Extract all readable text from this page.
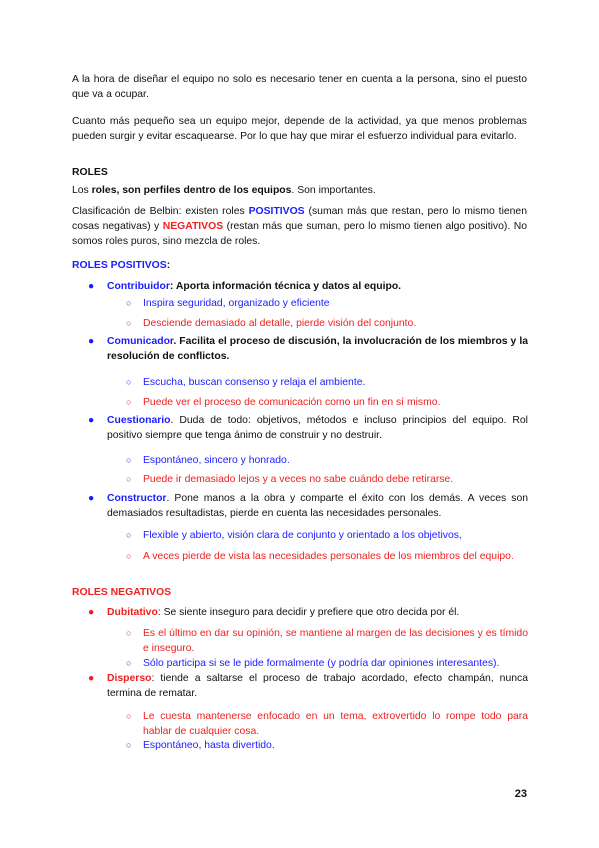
A la hora de diseñar el equipo no solo es necesario tener en cuenta a la persona, sino el puesto que va a ocupar.

Cuanto más pequeño sea un equipo mejor, depende de la actividad, ya que menos problemas pueden surgir y evitar escaquearse. Por lo que hay que mirar el esfuerzo individual para evitarlo.

ROLES

Los roles, son perfiles dentro de los equipos. Son importantes.

Clasificación de Belbin: existen roles POSITIVOS (suman más que restan, pero lo mismo tienen cosas negativas) y NEGATIVOS (restan más que suman, pero lo mismo tienen algo positivo). No somos roles puros, sino mezcla de roles.

ROLES POSITIVOS:

● Contribuidor: Aporta información técnica y datos al equipo.
○ Inspira seguridad, organizado y eficiente
○ Desciende demasiado al detalle, pierde visión del conjunto.
● Comunicador. Facilita el proceso de discusión, la involucración de los miembros y la resolución de conflictos.
○ Escucha, buscan consenso y relaja el ambiente.
○ Puede ver el proceso de comunicación como un fin en sí mismo.
● Cuestionario. Duda de todo: objetivos, métodos e incluso principios del equipo. Rol positivo siempre que tenga ánimo de construir y no destruir.
○ Espontáneo, sincero y honrado.
○ Puede ir demasiado lejos y a veces no sabe cuándo debe retirarse.
● Constructor. Pone manos a la obra y comparte el éxito con los demás. A veces son demasiados resultadistas, pierde en cuenta las necesidades personales.
○ Flexible y abierto, visión clara de conjunto y orientado a los objetivos,
○ A veces pierde de vista las necesidades personales de los miembros del equipo.

ROLES NEGATIVOS

● Dubitativo: Se siente inseguro para decidir y prefiere que otro decida por él.
○ Es el último en dar su opinión, se mantiene al margen de las decisiones y es tímido e inseguro.
○ Sólo participa si se le pide formalmente (y podría dar opiniones interesantes).
● Disperso: tiende a saltarse el proceso de trabajo acordado, efecto champán, nunca termina de rematar.
○ Le cuesta mantenerse enfocado en un tema, extrovertido lo rompe todo para hablar de cualquier cosa.
○ Espontáneo, hasta divertido.
23
